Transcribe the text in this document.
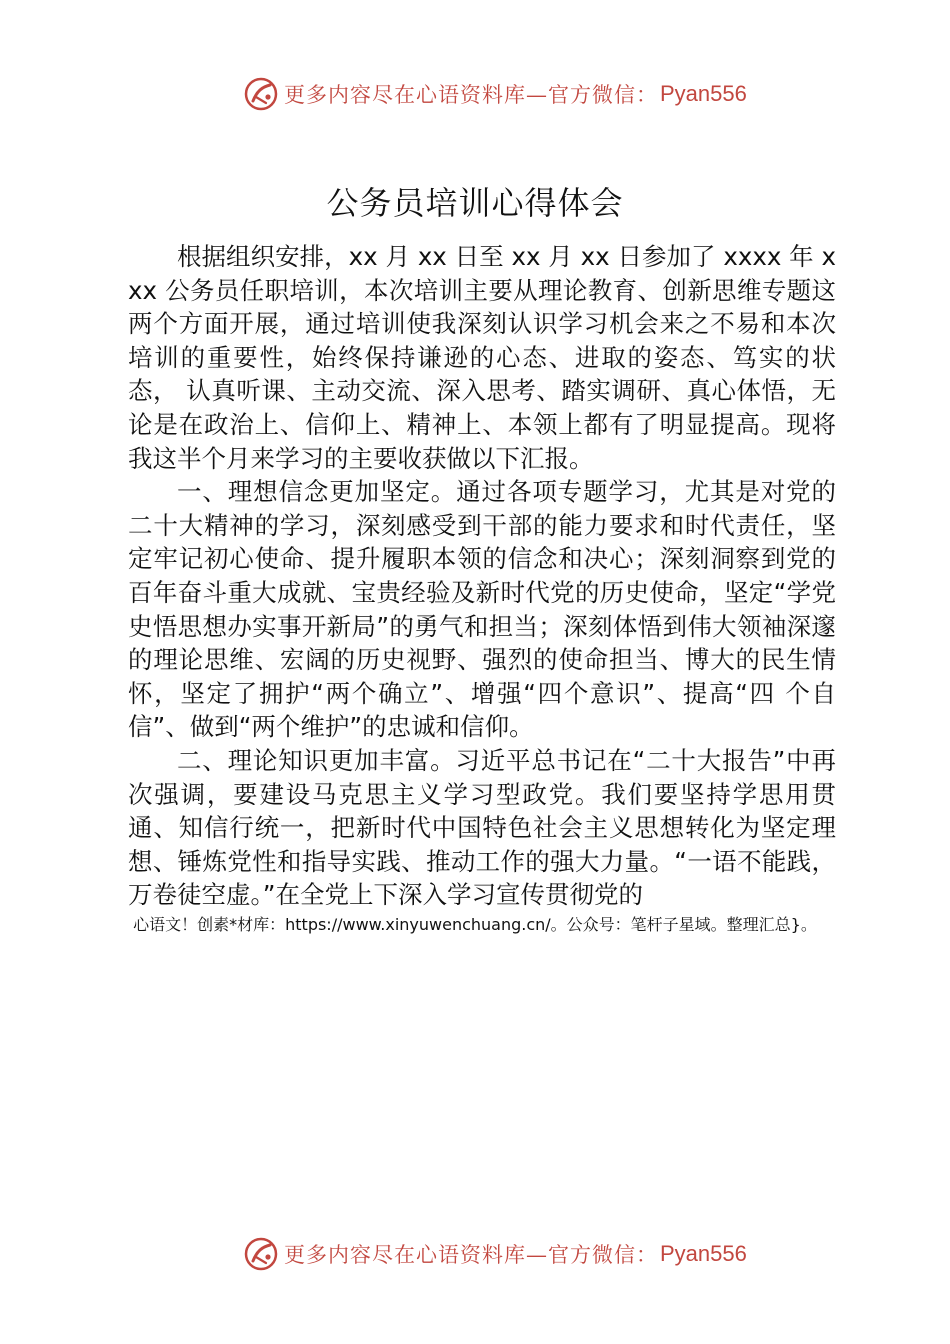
更多内容尽在心语资料库—官方微信： Pyan556
公务员培训心得体会

根据组织安排，xx 月 xx 日至 xx 月 xx 日参加了 xxxx 年 xxx 公务员任职培训，本次培训主要从理论教育、创新思维专题这两个方面开展，通过培训使我深刻认识学习机会来之不易和本次培训的重要性，始终保持谦逊的心态、进取的姿态、笃实的状态， 认真听课、主动交流、深入思考、踏实调研、真心体悟，无论是在政治上、信仰上、精神上、本领上都有了明显提高。现将我这半个月来学习的主要收获做以下汇报。

一、理想信念更加坚定。通过各项专题学习，尤其是对党的二十大精神的学习，深刻感受到干部的能力要求和时代责任，坚定牢记初心使命、提升履职本领的信念和决心；深刻洞察到党的百年奋斗重大成就、宝贵经验及新时代党的历史使命，坚定“学党史悟思想办实事开新局”的勇气和担当；深刻体悟到伟大领袖深邃的理论思维、宏阔的历史视野、强烈的使命担当、博大的民生情怀，坚定了拥护“两个确立”、增强“四个意识”、提高“四 个自信”、做到“两个维护”的忠诚和信仰。

二、理论知识更加丰富。习近平总书记在“二十大报告”中再次强调，要建设马克思主义学习型政党。我们要坚持学思用贯通、知信行统一，把新时代中国特色社会主义思想转化为坚定理想、锤炼党性和指导实践、推动工作的强大力量。“一语不能践，万卷徒空虚。”在全党上下深入学习宣传贯彻党的

心语文！创素*材库：https://www.xinyuwenchuang.cn/。公众号：笔杆子星域。整理汇总}。
更多内容尽在心语资料库—官方微信： Pyan556
